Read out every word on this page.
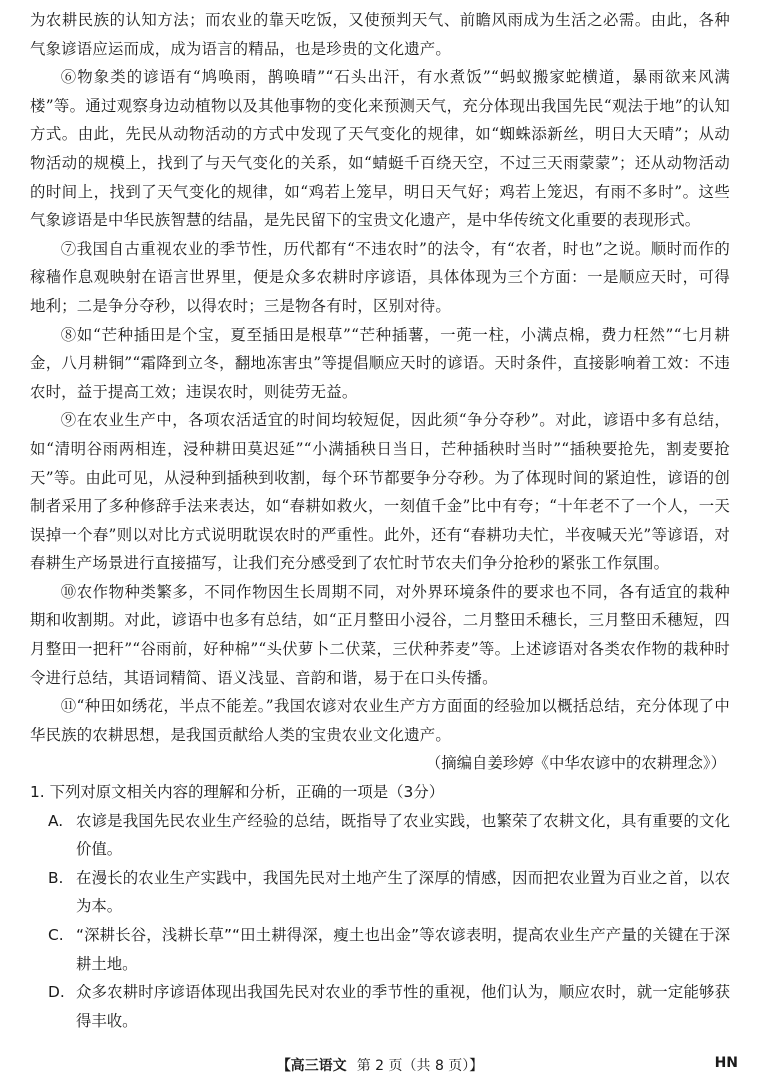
为农耕民族的认知方法；而农业的靠天吃饭，又使预判天气、前瞻风雨成为生活之必需。由此，各种气象谚语应运而成，成为语言的精品，也是珍贵的文化遗产。

⑥物象类的谚语有“鸠唤雨，鹊唤晴”“石头出汗，有水煮饭”“蚂蚁搬家蛇横道，暴雨欲来风满楼”等。通过观察身边动植物以及其他事物的变化来预测天气，充分体现出我国先民“观法于地”的认知方式。由此，先民从动物活动的方式中发现了天气变化的规律，如“蜘蛛添新丝，明日大天晴”；从动物活动的规模上，找到了与天气变化的关系，如“蜻蜓千百绕天空，不过三天雨蒙蒙”；还从动物活动的时间上，找到了天气变化的规律，如“鸡若上笼早，明日天气好；鸡若上笼迟，有雨不多时”。这些气象谚语是中华民族智慧的结晶，是先民留下的宝贵文化遗产，是中华传统文化重要的表现形式。

⑦我国自古重视农业的季节性，历代都有“不违农时”的法令，有“农者，时也”之说。顺时而作的稼穑作息观映射在语言世界里，便是众多农耕时序谚语，具体体现为三个方面：一是顺应天时，可得地利；二是争分夺秒，以得农时；三是物各有时，区别对待。

⑧如“芒种插田是个宝，夏至插田是根草”“芒种插薯，一蔸一柱，小满点棉，费力枉然”“七月耕金，八月耕铜”“霜降到立冬，翻地冻害虫”等提倡顺应天时的谚语。天时条件，直接影响着工效：不违农时，益于提高工效；违误农时，则徒劳无益。

⑨在农业生产中，各项农活适宜的时间均较短促，因此须“争分夺秒”。对此，谚语中多有总结，如“清明谷雨两相连，浸种耕田莫迟延”“小满插秧日当日，芒种插秧时当时”“插秧要抢先，割麦要抢天”等。由此可见，从浸种到插秧到收割，每个环节都要争分夺秒。为了体现时间的紧迫性，谚语的创制者采用了多种修辞手法来表达，如“春耕如救火，一刻值千金”比中有夸；“十年老不了一个人，一天误掉一个春”则以对比方式说明耽误农时的严重性。此外，还有“春耕功夫忙，半夜喊天光”等谚语，对春耕生产场景进行直接描写，让我们充分感受到了农忙时节农夫们争分抢秒的紧张工作氛围。

⑩农作物种类繁多，不同作物因生长周期不同，对外界环境条件的要求也不同，各有适宜的栽种期和收割期。对此，谚语中也多有总结，如“正月整田小浸谷，二月整田禾穗长，三月整田禾穗短，四月整田一把秆”“谷雨前，好种棉”“头伏萝卜二伏菜，三伏种荞麦”等。上述谚语对各类农作物的栽种时令进行总结，其语词精简、语义浅显、音韵和谐，易于在口头传播。

⑪“种田如绣花，半点不能差。”我国农谚对农业生产方方面面的经验加以概括总结，充分体现了中华民族的农耕思想，是我国贡献给人类的宝贵农业文化遗产。

（摘编自姜珍婷《中华农谚中的农耕理念》）

1. 下列对原文相关内容的理解和分析，正确的一项是（3分）

A. 农谚是我国先民农业生产经验的总结，既指导了农业实践，也繁荣了农耕文化，具有重要的文化价值。
B. 在漫长的农业生产实践中，我国先民对土地产生了深厚的情感，因而把农业置为百业之首，以农为本。
C. “深耕长谷，浅耕长草”“田土耕得深，瘦土也出金”等农谚表明，提高农业生产产量的关键在于深耕土地。
D. 众多农耕时序谚语体现出我国先民对农业的季节性的重视，他们认为，顺应农时，就一定能够获得丰收。
【高三语文 第 2 页（共 8 页）】	HN
